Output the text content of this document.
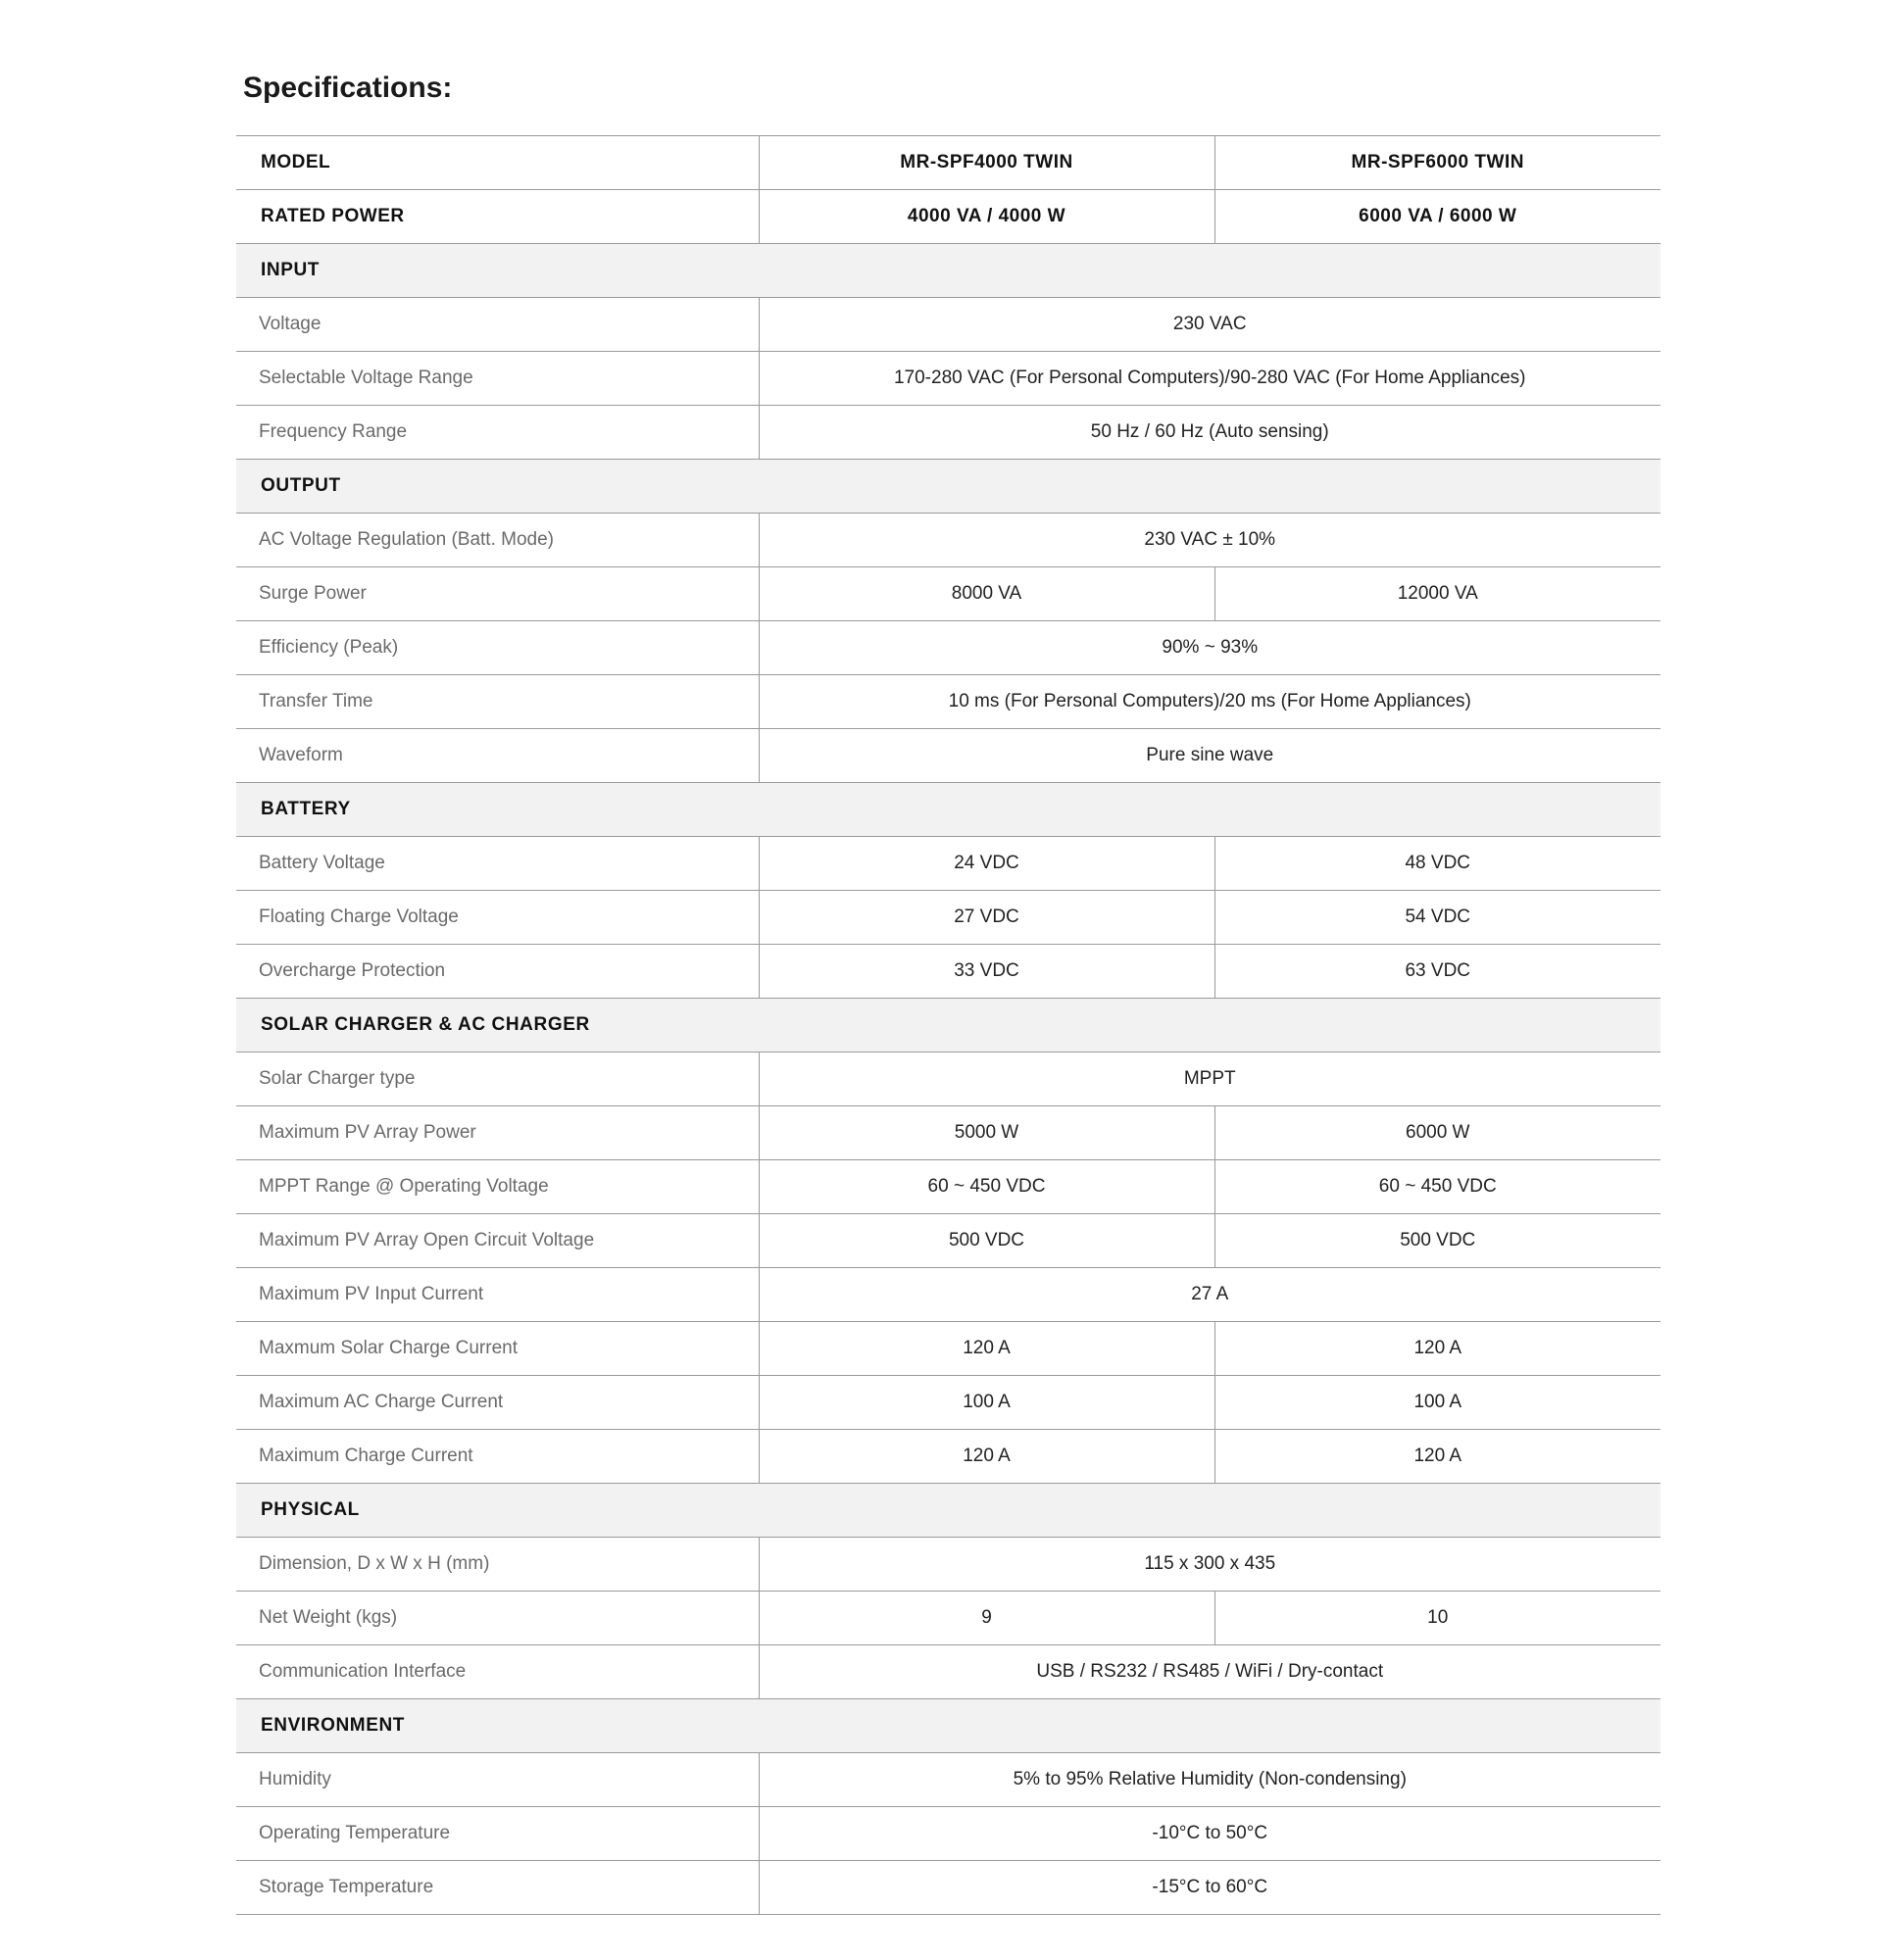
Specifications:
MODEL	MR-SPF4000 TWIN	MR-SPF6000 TWIN
RATED POWER	4000 VA / 4000 W	6000 VA / 6000 W
INPUT		
Voltage	230 VAC	
Selectable Voltage Range	170-280 VAC (For Personal Computers)/90-280 VAC (For Home Appliances)	
Frequency Range	50 Hz / 60 Hz (Auto sensing)	
OUTPUT		
AC Voltage Regulation (Batt. Mode)	230 VAC ± 10%	
Surge Power	8000 VA	12000 VA
Efficiency (Peak)	90% ~ 93%	
Transfer Time	10 ms (For Personal Computers)/20 ms (For Home Appliances)	
Waveform	Pure sine wave	
BATTERY		
Battery Voltage	24 VDC	48 VDC
Floating Charge Voltage	27 VDC	54 VDC
Overcharge Protection	33 VDC	63 VDC
SOLAR CHARGER & AC CHARGER		
Solar Charger type	MPPT	
Maximum PV Array Power	5000 W	6000 W
MPPT Range @ Operating Voltage	60 ~ 450 VDC	60 ~ 450 VDC
Maximum PV Array Open Circuit Voltage	500 VDC	500 VDC
Maximum PV Input Current	27 A	
Maxmum Solar Charge Current	120 A	120 A
Maximum AC Charge Current	100 A	100 A
Maximum Charge Current	120 A	120 A
PHYSICAL		
Dimension, D x W x H (mm)	115 x 300 x 435	
Net Weight (kgs)	9	10
Communication Interface	USB / RS232 / RS485 / WiFi / Dry-contact	
ENVIRONMENT		
Humidity	5% to 95% Relative Humidity (Non-condensing)	
Operating Temperature	-10°C to 50°C	
Storage Temperature	-15°C to 60°C	
